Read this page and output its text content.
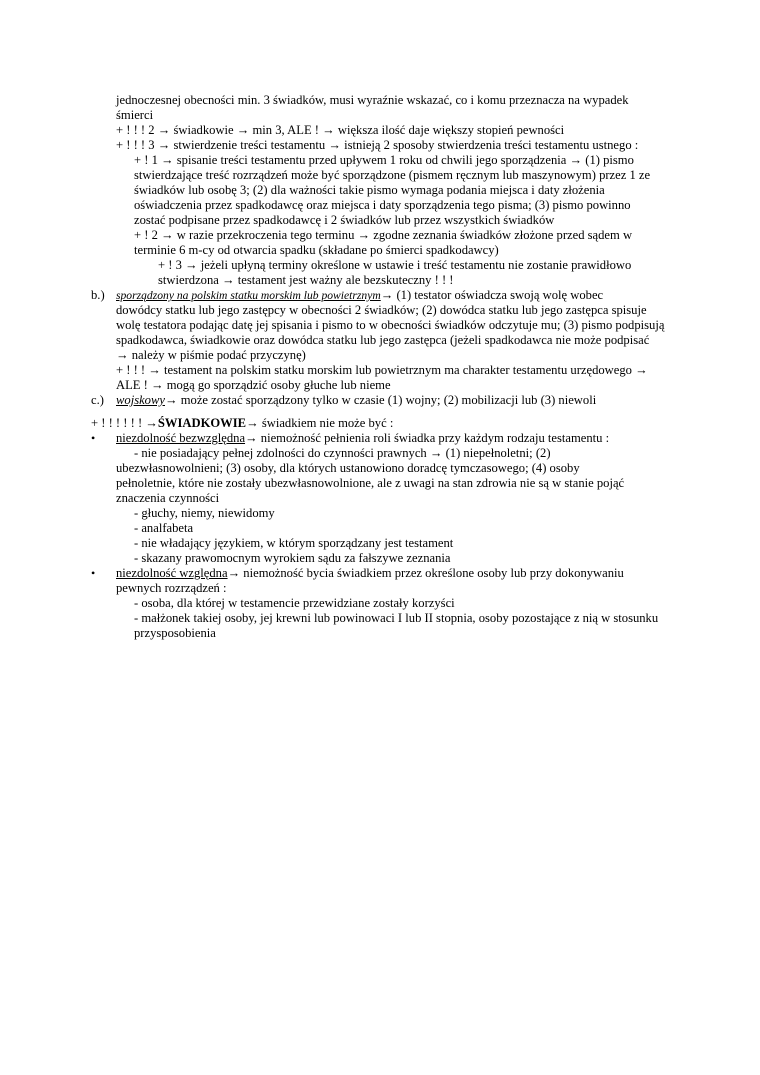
jednoczesnej obecności min. 3 świadków, musi wyraźnie wskazać, co i komu przeznacza na wypadek
śmierci
+ ! ! ! 2 → świadkowie → min 3, ALE ! → większa ilość daje większy stopień pewności
+ ! ! ! 3 → stwierdzenie treści testamentu → istnieją 2 sposoby stwierdzenia treści testamentu ustnego :
+ ! 1 → spisanie treści testamentu przed upływem 1 roku od chwili jego sporządzenia → (1) pismo
stwierdzające treść rozrządzeń może być sporządzone (pismem ręcznym lub maszynowym) przez 1 ze
świadków lub osobę 3; (2) dla ważności takie pismo wymaga podania miejsca i daty złożenia
oświadczenia przez spadkodawcę oraz miejsca i daty sporządzenia tego pisma; (3) pismo powinno
zostać podpisane przez spadkodawcę i 2 świadków lub przez wszystkich świadków
+ ! 2 → w razie przekroczenia tego terminu → zgodne zeznania świadków złożone przed sądem w
terminie 6 m-cy od otwarcia spadku (składane po śmierci spadkodawcy)
+ ! 3 → jeżeli upłyną terminy określone w ustawie i treść testamentu nie zostanie prawidłowo
stwierdzona → testament jest ważny ale bezskuteczny ! ! !
b.) sporządzony na polskim statku morskim lub powietrznym→ (1) testator oświadcza swoją wolę wobec
dowódcy statku lub jego zastępcy w obecności 2 świadków; (2) dowódca statku lub jego zastępca spisuje
wolę testatora podając datę jej spisania i pismo to w obecności świadków odczytuje mu; (3) pismo podpisują
spadkodawca, świadkowie oraz dowódca statku lub jego zastępca (jeżeli spadkodawca nie może podpisać
→ należy w piśmie podać przyczynę)
+ ! ! ! → testament na polskim statku morskim lub powietrznym ma charakter testamentu urzędowego →
ALE ! → mogą go sporządzić osoby głuche lub nieme
c.) wojskowy→ może zostać sporządzony tylko w czasie (1) wojny; (2) mobilizacji lub (3) niewoli
+ ! ! ! ! ! ! →ŚWIADKOWIE→ świadkiem nie może być :
• niezdolność bezwzględna→ niemożność pełnienia roli świadka przy każdym rodzaju testamentu :
- nie posiadający pełnej zdolności do czynności prawnych → (1) niepełnoletni; (2)
ubezwłasnowolnieni; (3) osoby, dla których ustanowiono doradcę tymczasowego; (4) osoby
pełnoletnie, które nie zostały ubezwłasnowolnione, ale z uwagi na stan zdrowia nie są w stanie pojąć
znaczenia czynności
- głuchy, niemy, niewidomy
- analfabeta
- nie władający językiem, w którym sporządzany jest testament
- skazany prawomocnym wyrokiem sądu za fałszywe zeznania
• niezdolność względna→ niemożność bycia świadkiem przez określone osoby lub przy dokonywaniu
pewnych rozrządzeń :
- osoba, dla której w testamencie przewidziane zostały korzyści
- małżonek takiej osoby, jej krewni lub powinowaci I lub II stopnia, osoby pozostające z nią w stosunku
przysposobienia
